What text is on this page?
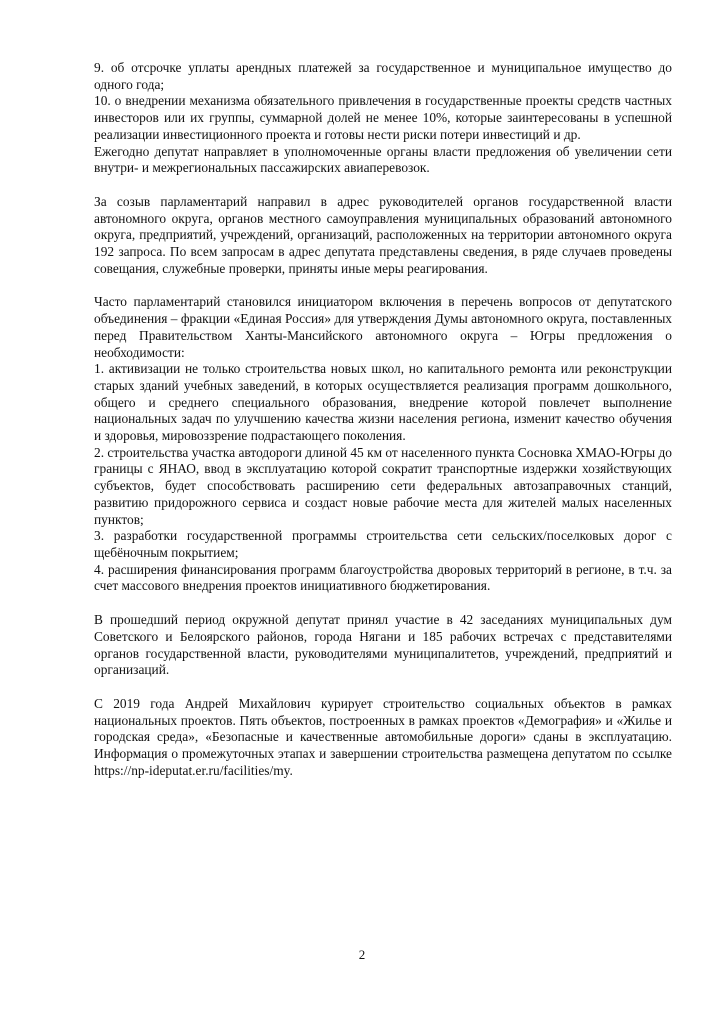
9. об отсрочке уплаты арендных платежей за государственное и муниципальное имущество до одного года;

10. о внедрении механизма обязательного привлечения в государственные проекты средств частных инвесторов или их группы, суммарной долей не менее 10%, которые заинтересованы в успешной реализации инвестиционного проекта и готовы нести риски потери инвестиций и др.

Ежегодно депутат направляет в уполномоченные органы власти предложения об увеличении сети внутри- и межрегиональных пассажирских авиаперевозок.

За созыв парламентарий направил в адрес руководителей органов государственной власти автономного округа, органов местного самоуправления муниципальных образований автономного округа, предприятий, учреждений, организаций, расположенных на территории автономного округа 192 запроса. По всем запросам в адрес депутата представлены сведения, в ряде случаев проведены совещания, служебные проверки, приняты иные меры реагирования.

Часто парламентарий становился инициатором включения в перечень вопросов от депутатского объединения – фракции «Единая Россия» для утверждения Думы автономного округа, поставленных перед Правительством Ханты-Мансийского автономного округа – Югры предложения о необходимости:

1. активизации не только строительства новых школ, но капитального ремонта или реконструкции старых зданий учебных заведений, в которых осуществляется реализация программ дошкольного, общего и среднего специального образования, внедрение которой повлечет выполнение национальных задач по улучшению качества жизни населения региона, изменит качество обучения и здоровья, мировоззрение подрастающего поколения.

2. строительства участка автодороги длиной 45 км от населенного пункта Сосновка ХМАО-Югры до границы с ЯНАО, ввод в эксплуатацию которой сократит транспортные издержки хозяйствующих субъектов, будет способствовать расширению сети федеральных автозаправочных станций, развитию придорожного сервиса и создаст новые рабочие места для жителей малых населенных пунктов;

3. разработки государственной программы строительства сети сельских/поселковых дорог с щебёночным покрытием;

4. расширения финансирования программ благоустройства дворовых территорий в регионе, в т.ч. за счет массового внедрения проектов инициативного бюджетирования.

В прошедший период окружной депутат принял участие в 42 заседаниях муниципальных дум Советского и Белоярского районов, города Нягани и 185 рабочих встречах с представителями органов государственной власти, руководителями муниципалитетов, учреждений, предприятий и организаций.

С 2019 года Андрей Михайлович курирует строительство социальных объектов в рамках национальных проектов. Пять объектов, построенных в рамках проектов «Демография» и «Жилье и городская среда», «Безопасные и качественные автомобильные дороги» сданы в эксплуатацию. Информация о промежуточных этапах и завершении строительства размещена депутатом по ссылке https://np-ideputat.er.ru/facilities/my.

2
